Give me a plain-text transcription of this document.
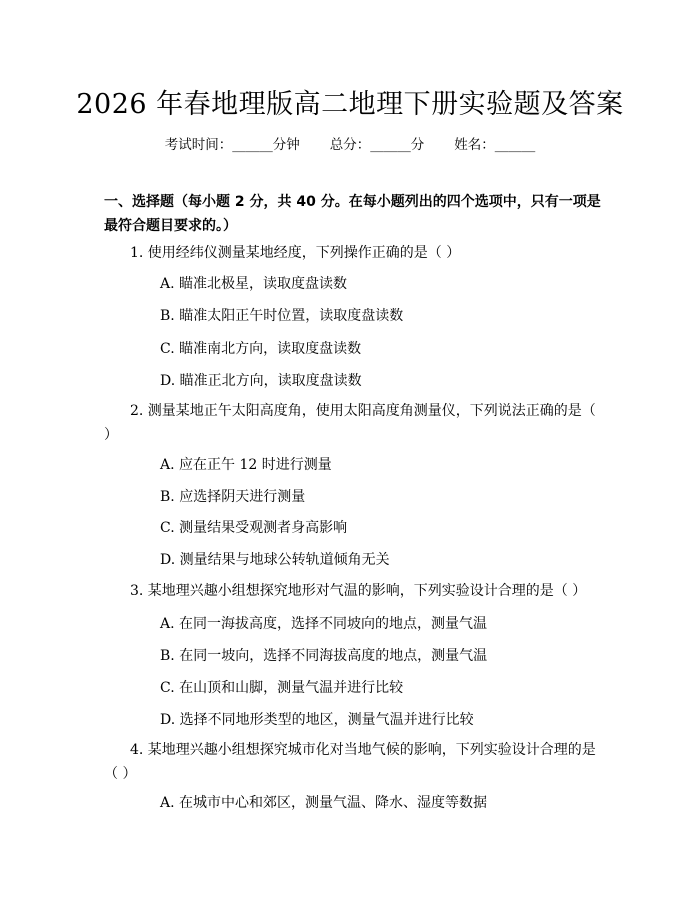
2026 年春地理版高二地理下册实验题及答案
考试时间：______分钟 总分：______分 姓名：______
一、选择题（每小题 2 分，共 40 分。在每小题列出的四个选项中，只有一项是最符合题目要求的。）
1. 使用经纬仪测量某地经度，下列操作正确的是（ ）
A. 瞄准北极星，读取度盘读数
B. 瞄准太阳正午时位置，读取度盘读数
C. 瞄准南北方向，读取度盘读数
D. 瞄准正北方向，读取度盘读数
2. 测量某地正午太阳高度角，使用太阳高度角测量仪，下列说法正确的是（ ）
A. 应在正午 12 时进行测量
B. 应选择阴天进行测量
C. 测量结果受观测者身高影响
D. 测量结果与地球公转轨道倾角无关
3. 某地理兴趣小组想探究地形对气温的影响，下列实验设计合理的是（ ）
A. 在同一海拔高度，选择不同坡向的地点，测量气温
B. 在同一坡向，选择不同海拔高度的地点，测量气温
C. 在山顶和山脚，测量气温并进行比较
D. 选择不同地形类型的地区，测量气温并进行比较
4. 某地理兴趣小组想探究城市化对当地气候的影响，下列实验设计合理的是（ ）
A. 在城市中心和郊区，测量气温、降水、湿度等数据
